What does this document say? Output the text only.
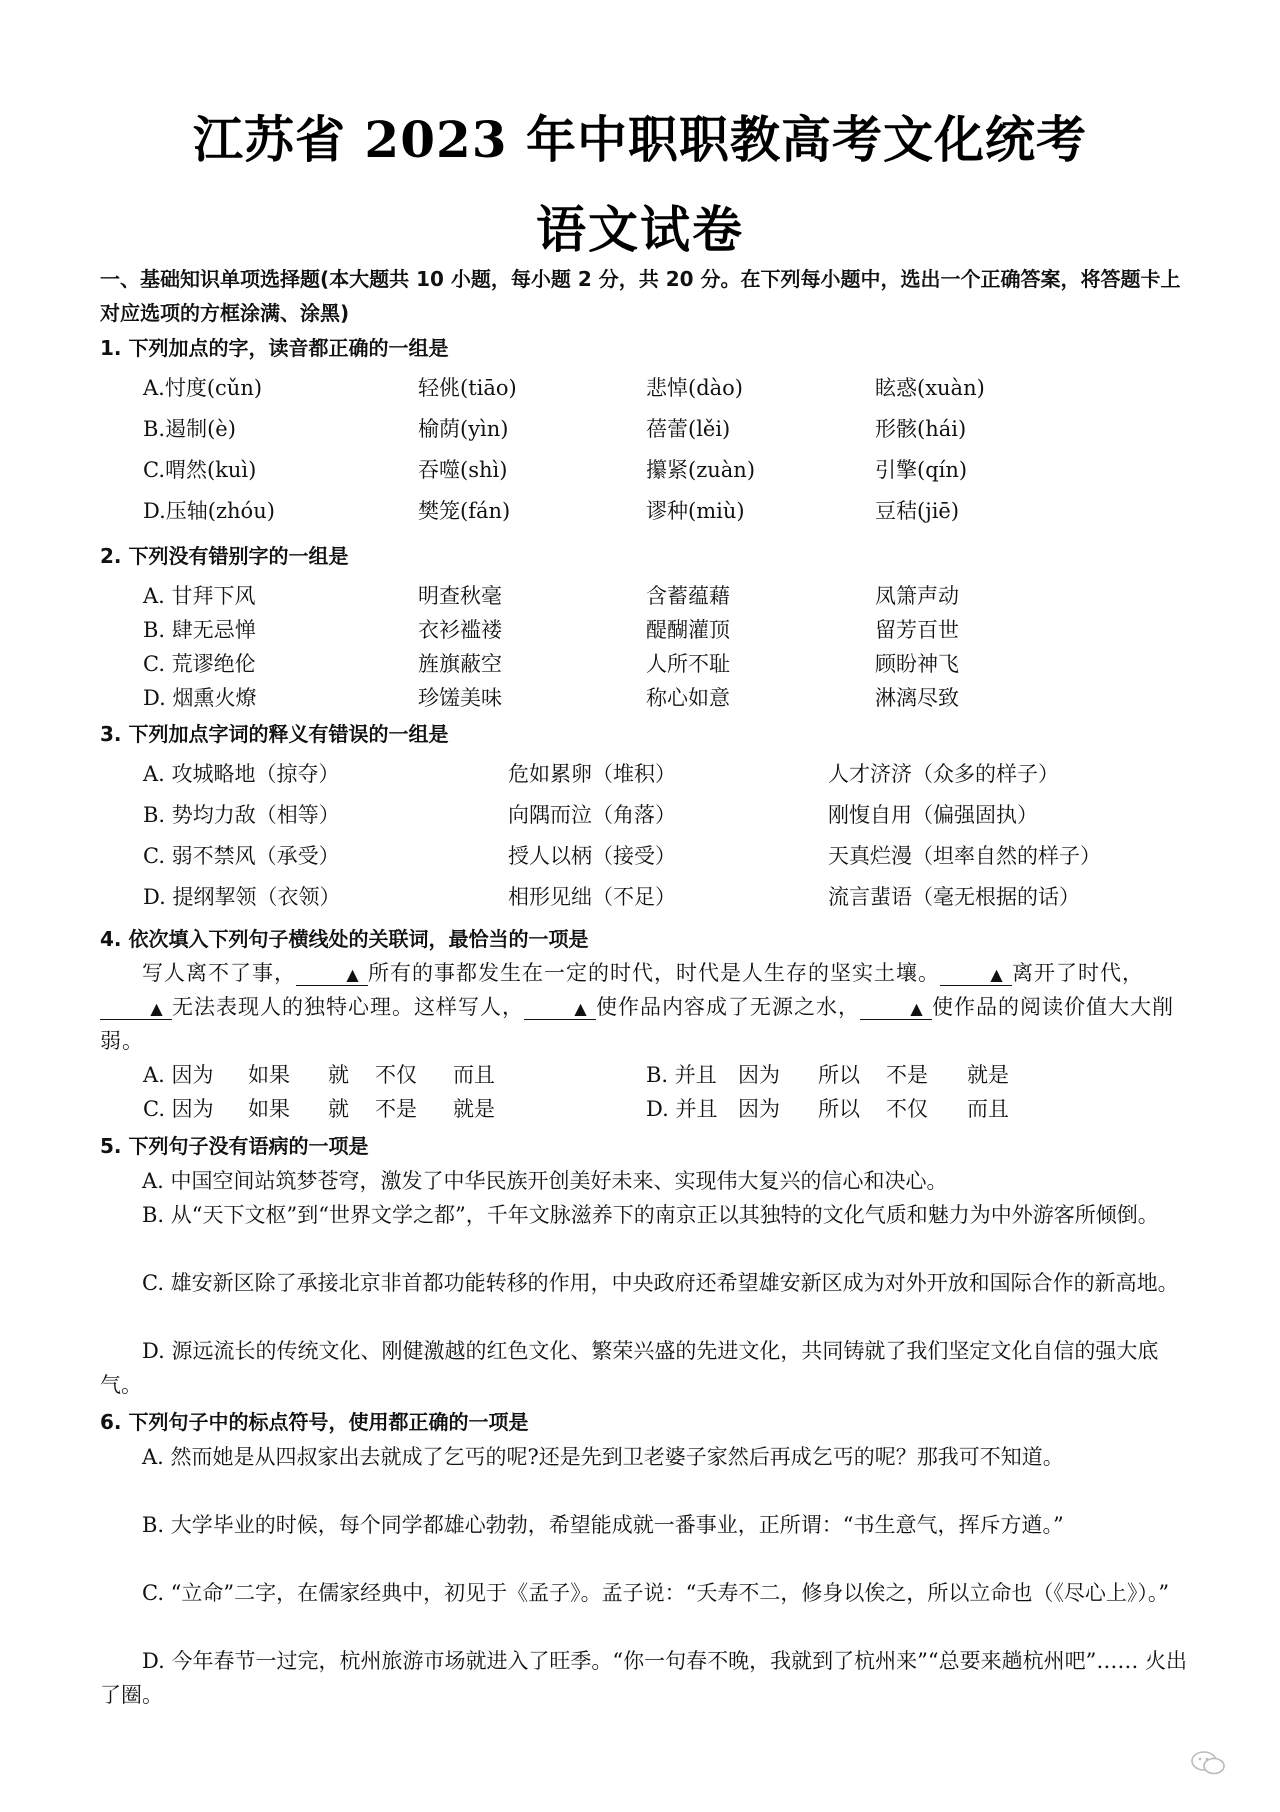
江苏省 2023 年中职职教高考文化统考
语文试卷
一、基础知识单项选择题(本大题共 10 小题，每小题 2 分，共 20 分。在下列每小题中，选出一个正确答案，将答题卡上对应选项的方框涂满、涂黑)
1. 下列加点的字，读音都正确的一组是
A.忖度(cǔn)	轻佻(tiāo)	悲悼(dào)	眩惑(xuàn)
B.遏制(è)	榆荫(yìn)	蓓蕾(lěi)	形骸(hái)
C.喟然(kuì)	吞噬(shì)	攥紧(zuàn)	引擎(qín)
D.压轴(zhóu)	樊笼(fán)	谬种(miù)	豆秸(jiē)
2. 下列没有错别字的一组是
A. 甘拜下风	明查秋毫	含蓄蕴藉	凤箫声动
B. 肆无忌惮	衣衫褴褛	醍醐灌顶	留芳百世
C. 荒谬绝伦	旌旗蔽空	人所不耻	顾盼神飞
D. 烟熏火燎	珍馐美味	称心如意	淋漓尽致
3. 下列加点字词的释义有错误的一组是
A. 攻城略地（掠夺）	危如累卵（堆积）	人才济济（众多的样子）
B. 势均力敌（相等）	向隅而泣（角落）	刚愎自用（偏强固执）
C. 弱不禁风（承受）	授人以柄（接受）	天真烂漫（坦率自然的样子）
D. 提纲挈领（衣领）	相形见绌（不足）	流言蜚语（毫无根据的话）
4. 依次填入下列句子横线处的关联词，最恰当的一项是
写人离不了事，	▲ 所有的事都发生在一定的时代，时代是人生存的坚实土壤。	▲ 离开了时代，▲ 无法表现人的独特心理。这样写人，	▲ 使作品内容成了无源之水，	▲ 使作品的阅读价值大大削弱。
A. 因为 如果 就 不仅 而且	B. 并且 因为 所以 不是 就是
C. 因为 如果 就 不是 就是	D. 并且 因为 所以 不仅 而且
5. 下列句子没有语病的一项是
A. 中国空间站筑梦苍穹，激发了中华民族开创美好未来、实现伟大复兴的信心和决心。
B. 从“天下文枢”到“世界文学之都”，千年文脉滋养下的南京正以其独特的文化气质和魅力为中外游客所倾倒。
C. 雄安新区除了承接北京非首都功能转移的作用，中央政府还希望雄安新区成为对外开放和国际合作的新高地。
D. 源远流长的传统文化、刚健激越的红色文化、繁荣兴盛的先进文化，共同铸就了我们坚定文化自信的强大底气。
6. 下列句子中的标点符号，使用都正确的一项是
A. 然而她是从四叔家出去就成了乞丐的呢?还是先到卫老婆子家然后再成乞丐的呢？那我可不知道。
B. 大学毕业的时候，每个同学都雄心勃勃，希望能成就一番事业，正所谓：“书生意气，挥斥方遒。”
C. “立命”二字，在儒家经典中，初见于《孟子》。孟子说：“夭寿不二，修身以俟之，所以立命也（《尽心上》）。”
D. 今年春节一过完，杭州旅游市场就进入了旺季。“你一句春不晚，我就到了杭州来”“总要来趟杭州吧”…… 火出了圈。
